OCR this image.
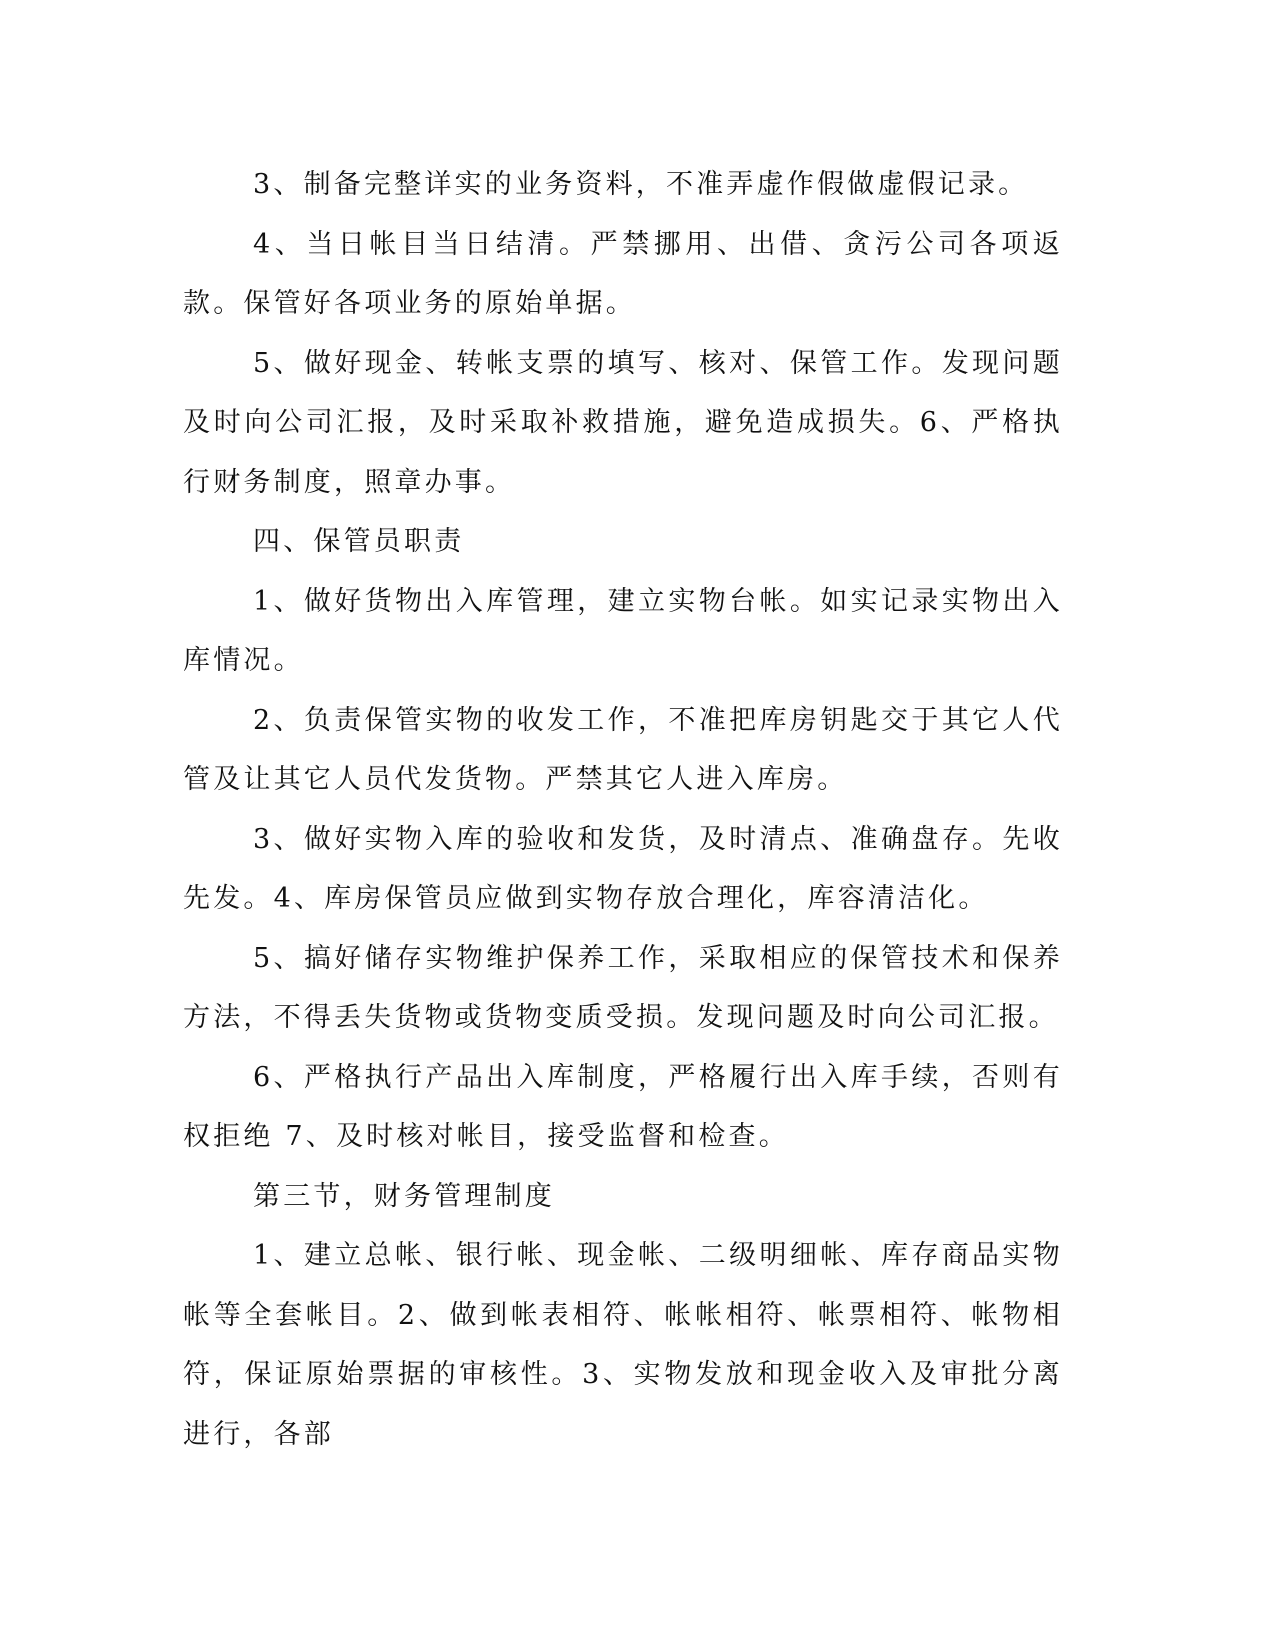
3、制备完整详实的业务资料，不准弄虚作假做虚假记录。

4、当日帐目当日结清。严禁挪用、出借、贪污公司各项返款。保管好各项业务的原始单据。

5、做好现金、转帐支票的填写、核对、保管工作。发现问题及时向公司汇报，及时采取补救措施，避免造成损失。6、严格执行财务制度，照章办事。

四、保管员职责

1、做好货物出入库管理，建立实物台帐。如实记录实物出入库情况。

2、负责保管实物的收发工作，不准把库房钥匙交于其它人代管及让其它人员代发货物。严禁其它人进入库房。

3、做好实物入库的验收和发货，及时清点、准确盘存。先收先发。4、库房保管员应做到实物存放合理化，库容清洁化。

5、搞好储存实物维护保养工作，采取相应的保管技术和保养方法，不得丢失货物或货物变质受损。发现问题及时向公司汇报。

6、严格执行产品出入库制度，严格履行出入库手续，否则有权拒绝 7、及时核对帐目，接受监督和检查。

第三节，财务管理制度

1、建立总帐、银行帐、现金帐、二级明细帐、库存商品实物帐等全套帐目。2、做到帐表相符、帐帐相符、帐票相符、帐物相符，保证原始票据的审核性。3、实物发放和现金收入及审批分离进行，各部
